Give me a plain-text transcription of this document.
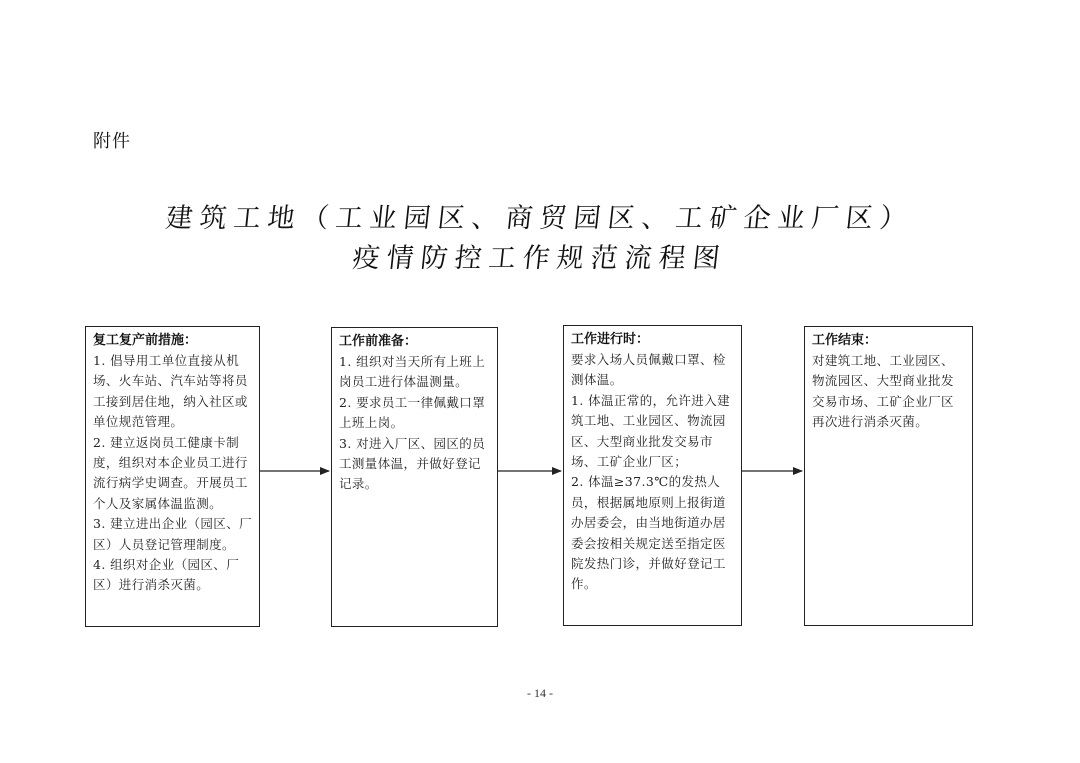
附件
建筑工地（工业园区、商贸园区、工矿企业厂区）
疫情防控工作规范流程图
复工复产前措施：
1. 倡导用工单位直接从机场、火车站、汽车站等将员工接到居住地，纳入社区或单位规范管理。
2. 建立返岗员工健康卡制度，组织对本企业员工进行流行病学史调查。开展员工个人及家属体温监测。
3. 建立进出企业（园区、厂区）人员登记管理制度。
4. 组织对企业（园区、厂区）进行消杀灭菌。
工作前准备：
1. 组织对当天所有上班上岗员工进行体温测量。
2. 要求员工一律佩戴口罩上班上岗。
3. 对进入厂区、园区的员工测量体温，并做好登记记录。
工作进行时：
要求入场人员佩戴口罩、检测体温。
1. 体温正常的，允许进入建筑工地、工业园区、物流园区、大型商业批发交易市场、工矿企业厂区；
2. 体温≥37.3℃的发热人员，根据属地原则上报街道办居委会，由当地街道办居委会按相关规定送至指定医院发热门诊，并做好登记工作。
工作结束：
对建筑工地、工业园区、物流园区、大型商业批发交易市场、工矿企业厂区再次进行消杀灭菌。
- 14 -
